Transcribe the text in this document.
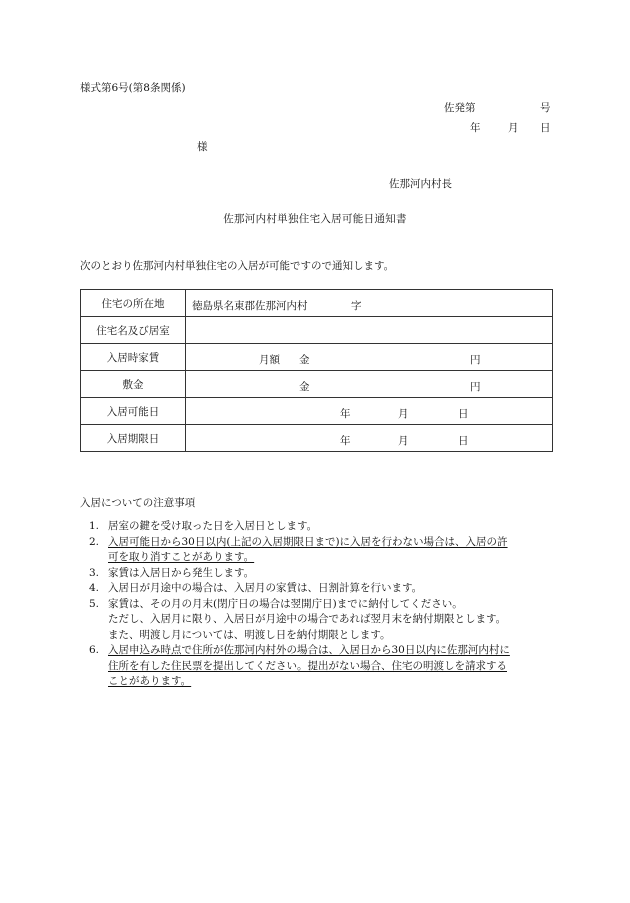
様式第6号(第8条関係)
佐発第	号
年	月 日
様
佐那河内村長
佐那河内村単独住宅入居可能日通知書
次のとおり佐那河内村単独住宅の入居が可能ですので通知します。
住宅の所在地	徳島県名東郡佐那河内村 字

住宅名及び居室	
入居時家賃	月額 金 円

敷金	金 円

入居可能日	年 月 日

入居期限日	年 月 日
入居についての注意事項
1. 居室の鍵を受け取った日を入居日とします。
2. 入居可能日から30日以内(上記の入居期限日まで)に入居を行わない場合は、入居の許
可を取り消すことがあります。
3. 家賃は入居日から発生します。
4. 入居日が月途中の場合は、入居月の家賃は、日割計算を行います。
5. 家賃は、その月の月末(閉庁日の場合は翌開庁日)までに納付してください。
ただし、入居月に限り、入居日が月途中の場合であれば翌月末を納付期限とします。
また、明渡し月については、明渡し日を納付期限とします。
6. 入居申込み時点で住所が佐那河内村外の場合は、入居日から30日以内に佐那河内村に
住所を有した住民票を提出してください。提出がない場合、住宅の明渡しを請求する
ことがあります。
